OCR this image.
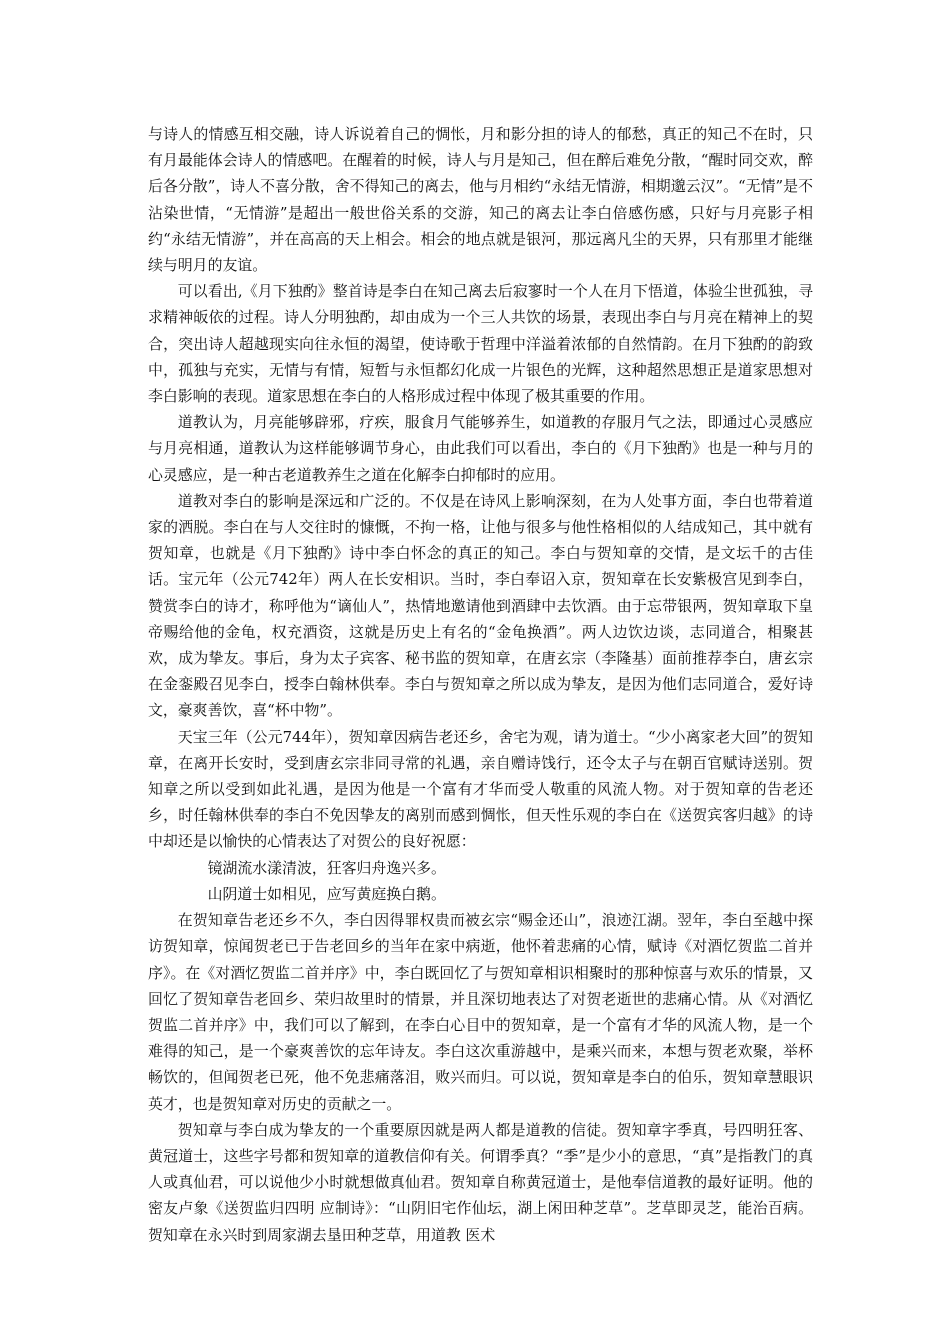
与诗人的情感互相交融，诗人诉说着自己的惆怅，月和影分担的诗人的郁愁，真正的知己不在时，只有月最能体会诗人的情感吧。在醒着的时候，诗人与月是知己，但在醉后难免分散，“醒时同交欢，醉后各分散”，诗人不喜分散，舍不得知己的离去，他与月相约“永结无情游，相期邈云汉”。“无情”是不沾染世情，“无情游”是超出一般世俗关系的交游，知己的离去让李白倍感伤感，只好与月亮影子相约“永结无情游”，并在高高的天上相会。相会的地点就是银河，那远离凡尘的天界，只有那里才能继续与明月的友谊。

可以看出,《月下独酌》整首诗是李白在知己离去后寂寥时一个人在月下悟道，体验尘世孤独，寻求精神皈依的过程。诗人分明独酌，却由成为一个三人共饮的场景，表现出李白与月亮在精神上的契合，突出诗人超越现实向往永恒的渴望，使诗歌于哲理中洋溢着浓郁的自然情韵。在月下独酌的韵致中，孤独与充实，无情与有情，短暂与永恒都幻化成一片银色的光辉，这种超然思想正是道家思想对李白影响的表现。道家思想在李白的人格形成过程中体现了极其重要的作用。

道教认为，月亮能够辟邪，疗疾，服食月气能够养生，如道教的存服月气之法，即通过心灵感应与月亮相通，道教认为这样能够调节身心，由此我们可以看出，李白的《月下独酌》也是一种与月的心灵感应，是一种古老道教养生之道在化解李白抑郁时的应用。

道教对李白的影响是深远和广泛的。不仅是在诗风上影响深刻，在为人处事方面，李白也带着道家的洒脱。李白在与人交往时的慷慨，不拘一格，让他与很多与他性格相似的人结成知己，其中就有贺知章，也就是《月下独酌》诗中李白怀念的真正的知己。李白与贺知章的交情，是文坛千的古佳话。宝元年（公元742年）两人在长安相识。当时，李白奉诏入京，贺知章在长安紫极宫见到李白，赞赏李白的诗才，称呼他为“谪仙人”，热情地邀请他到酒肆中去饮酒。由于忘带银两，贺知章取下皇帝赐给他的金龟，权充酒资，这就是历史上有名的“金龟换酒”。两人边饮边谈，志同道合，相聚甚欢，成为挚友。事后，身为太子宾客、秘书监的贺知章，在唐玄宗（李隆基）面前推荐李白，唐玄宗在金銮殿召见李白，授李白翰林供奉。李白与贺知章之所以成为挚友，是因为他们志同道合，爱好诗文，豪爽善饮，喜“杯中物”。

天宝三年（公元744年），贺知章因病告老还乡，舍宅为观，请为道士。“少小离家老大回”的贺知章，在离开长安时，受到唐玄宗非同寻常的礼遇，亲自赠诗饯行，还令太子与在朝百官赋诗送别。贺知章之所以受到如此礼遇，是因为他是一个富有才华而受人敬重的风流人物。对于贺知章的告老还乡，时任翰林供奉的李白不免因挚友的离别而感到惆怅，但天性乐观的李白在《送贺宾客归越》的诗中却还是以愉快的心情表达了对贺公的良好祝愿：

镜湖流水漾清波，狂客归舟逸兴多。

山阴道士如相见，应写黄庭换白鹅。

在贺知章告老还乡不久，李白因得罪权贵而被玄宗“赐金还山”，浪迹江湖。翌年，李白至越中探访贺知章，惊闻贺老已于告老回乡的当年在家中病逝，他怀着悲痛的心情，赋诗《对酒忆贺监二首并序》。在《对酒忆贺监二首并序》中，李白既回忆了与贺知章相识相聚时的那种惊喜与欢乐的情景，又回忆了贺知章告老回乡、荣归故里时的情景，并且深切地表达了对贺老逝世的悲痛心情。从《对酒忆贺监二首并序》中，我们可以了解到，在李白心目中的贺知章，是一个富有才华的风流人物，是一个难得的知己，是一个豪爽善饮的忘年诗友。李白这次重游越中，是乘兴而来，本想与贺老欢聚，举杯畅饮的，但闻贺老已死，他不免悲痛落泪，败兴而归。可以说，贺知章是李白的伯乐，贺知章慧眼识英才，也是贺知章对历史的贡献之一。

贺知章与李白成为挚友的一个重要原因就是两人都是道教的信徒。贺知章字季真，号四明狂客、黄冠道士，这些字号都和贺知章的道教信仰有关。何谓季真？“季”是少小的意思，“真”是指教门的真人或真仙君，可以说他少小时就想做真仙君。贺知章自称黄冠道士，是他奉信道教的最好证明。他的密友卢象《送贺监归四明 应制诗》：“山阴旧宅作仙坛，湖上闲田种芝草”。芝草即灵芝，能治百病。贺知章在永兴时到周家湖去垦田种芝草，用道教 医术
